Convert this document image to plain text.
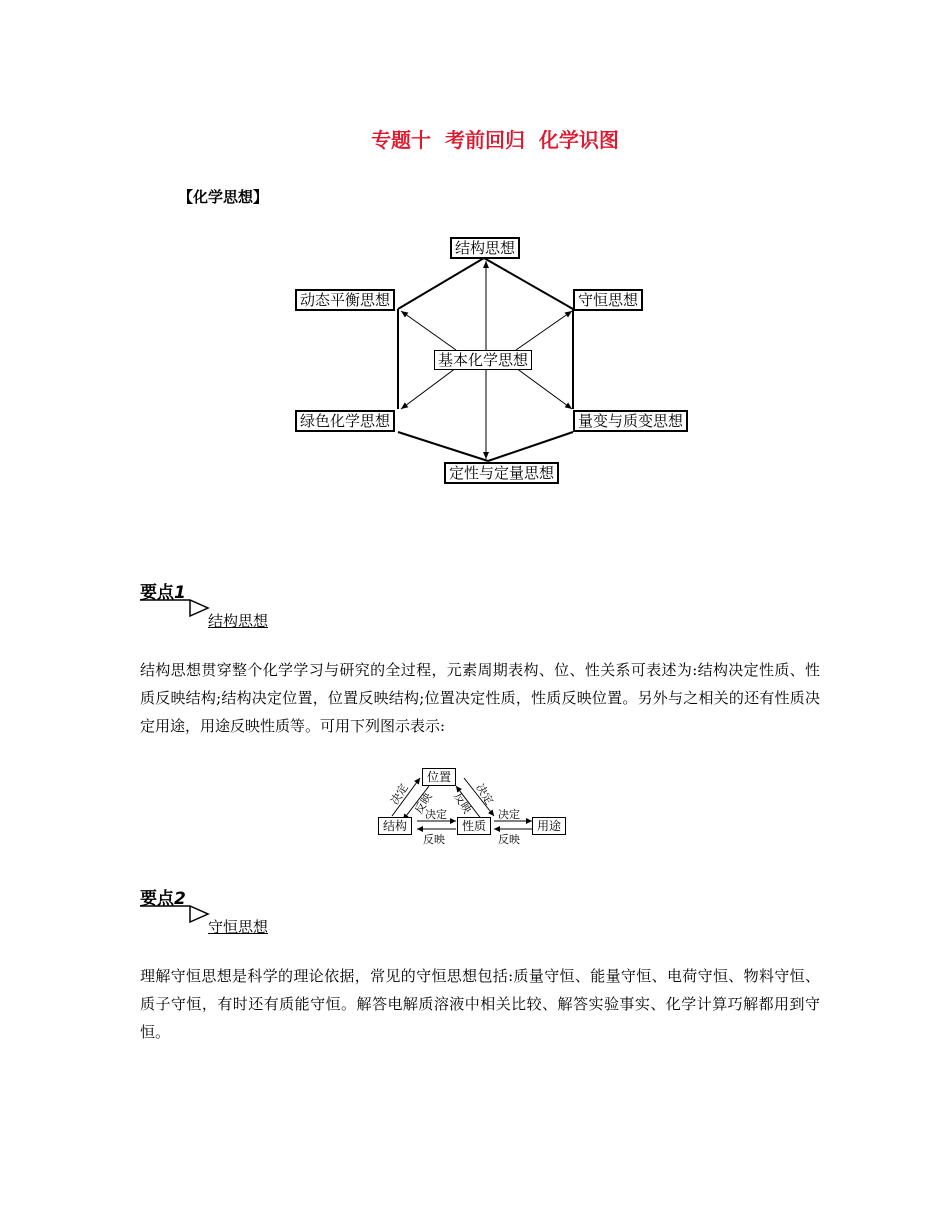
专题十  考前回归  化学识图
【化学思想】
结构思想
动态平衡思想	守恒思想
基本化学思想
绿色化学思想	量变与质变思想
定性与定量思想
要点1
结构思想
结构思想贯穿整个化学学习与研究的全过程，元素周期表构、位、性关系可表述为:结构决定性质、性质反映结构;结构决定位置，位置反映结构;位置决定性质，性质反映位置。另外与之相关的还有性质决定用途，用途反映性质等。可用下列图示表示:
位置
结构	性质	用途
决定 反映 反映 决定
决定
反映
决定
反映
要点2
守恒思想
理解守恒思想是科学的理论依据，常见的守恒思想包括:质量守恒、能量守恒、电荷守恒、物料守恒、质子守恒，有时还有质能守恒。解答电解质溶液中相关比较、解答实验事实、化学计算巧解都用到守恒。
